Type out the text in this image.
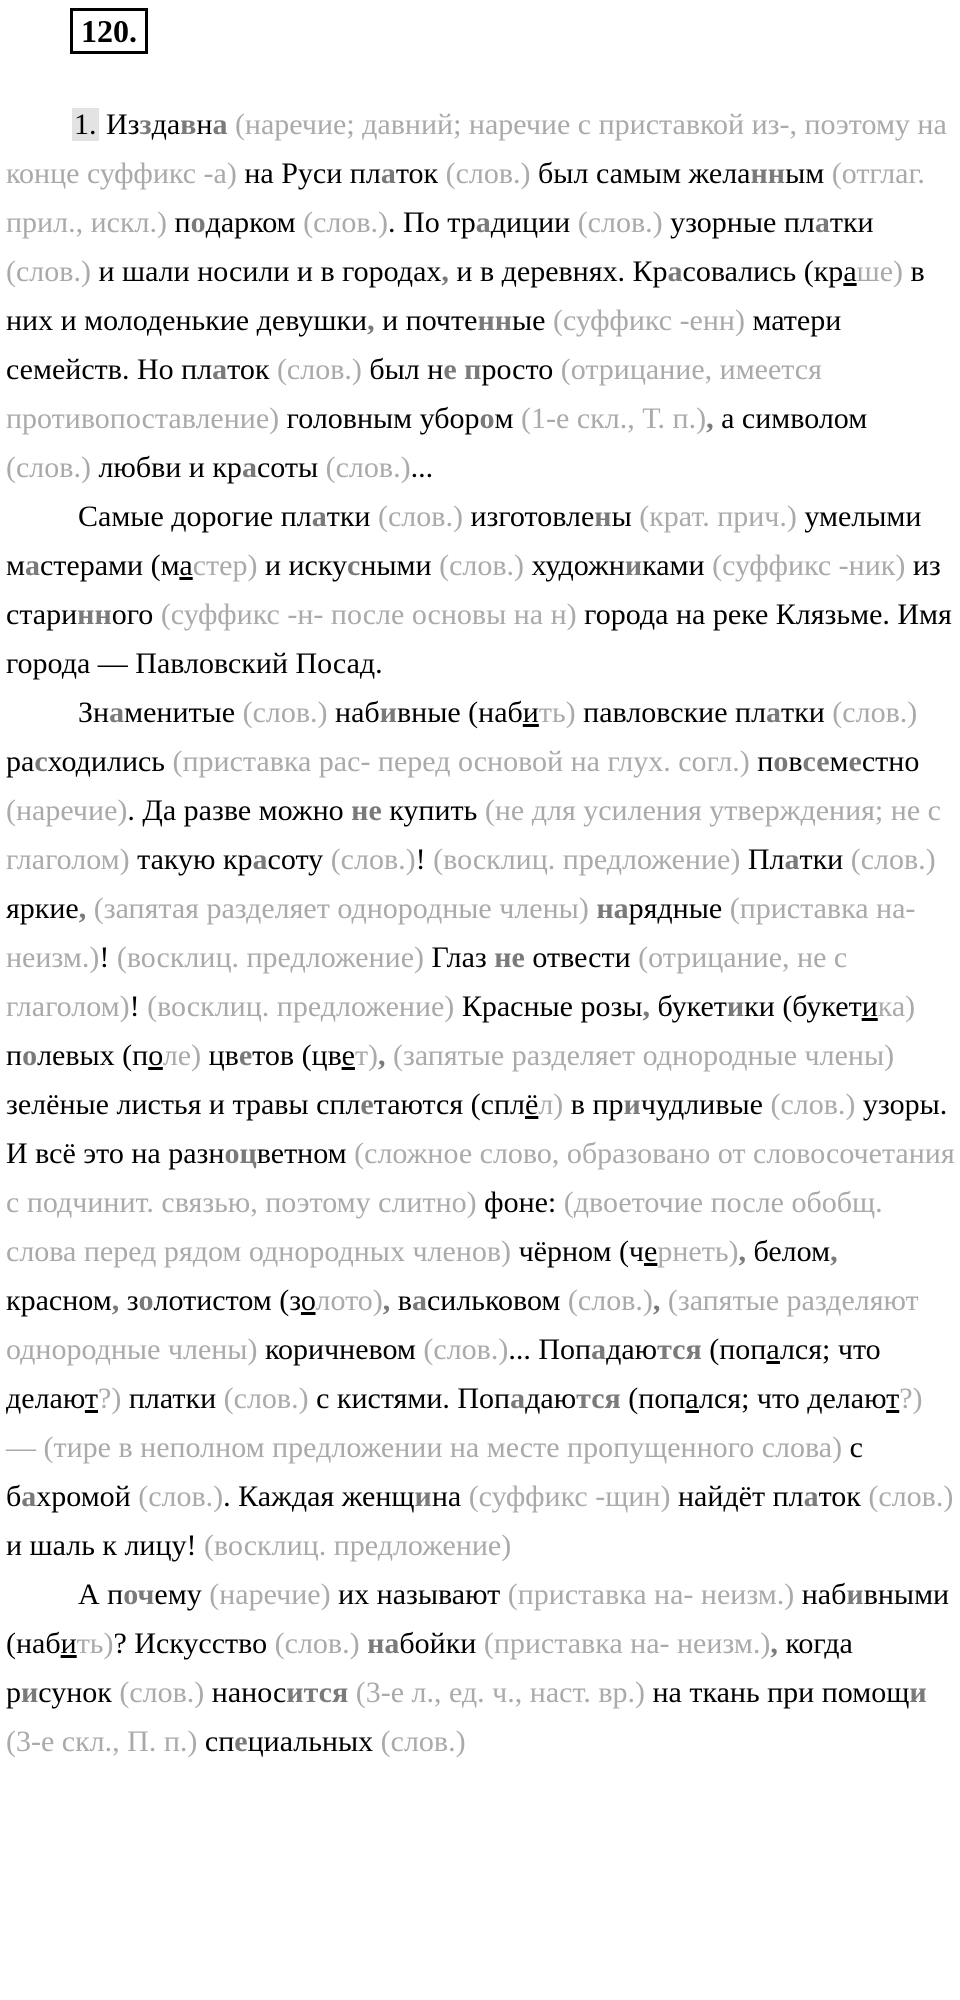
120.

1. Изздавна (наречие; давний; наречие с приставкой из-, поэтому на конце суффикс -а) на Руси платок (слов.) был самым желанным (отглаг. прил., искл.) подарком (слов.). По традиции (слов.) узорные платки (слов.) и шали носили и в городах, и в деревнях. Красовались (краше) в них и молоденькие девушки, и почтенные (суффикс -енн) матери семейств. Но платок (слов.) был не просто (отрицание, имеется противопоставление) головным убором (1-е скл., Т. п.), а символом (слов.) любви и красоты (слов.)...

Самые дорогие платки (слов.) изготовлены (крат. прич.) умелыми мастерами (мастер) и искусными (слов.) художниками (суффикс -ник) из старинного (суффикс -н- после основы на н) города на реке Клязьме. Имя города — Павловский Посад.

Знаменитые (слов.) набивные (набить) павловские платки (слов.) расходились (приставка рас- перед основой на глух. согл.) повсеместно (наречие). Да разве можно не купить (не для усиления утверждения; не с глаголом) такую красоту (слов.)! (восклиц. предложение) Платки (слов.) яркие, (запятая разделяет однородные члены) нарядные (приставка на- неизм.)! (восклиц. предложение) Глаз не отвести (отрицание, не с глаголом)! (восклиц. предложение) Красные розы, букетики (букетика) полевых (поле) цветов (цвет), (запятые разделяет однородные члены) зелёные листья и травы сплетаются (сплёл) в причудливые (слов.) узоры. И всё это на разноцветном (сложное слово, образовано от словосочетания с подчинит. связью, поэтому слитно) фоне: (двоеточие после обобщ. слова перед рядом однородных членов) чёрном (чернеть), белом, красном, золотистом (золото), васильковом (слов.), (запятые разделяют однородные члены) коричневом (слов.)... Попадаются (попался; что делают?) платки (слов.) с кистями. Попадаются (попался; что делают?) — (тире в неполном предложении на месте пропущенного слова) с бахромой (слов.). Каждая женщина (суффикс -щин) найдёт платок (слов.) и шаль к лицу! (восклиц. предложение)

А почему (наречие) их называют (приставка на- неизм.) набивными (набить)? Искусство (слов.) набойки (приставка на- неизм.), когда рисунок (слов.) наносится (3-е л., ед. ч., наст. вр.) на ткань при помощи (3-е скл., П. п.) специальных (слов.)
